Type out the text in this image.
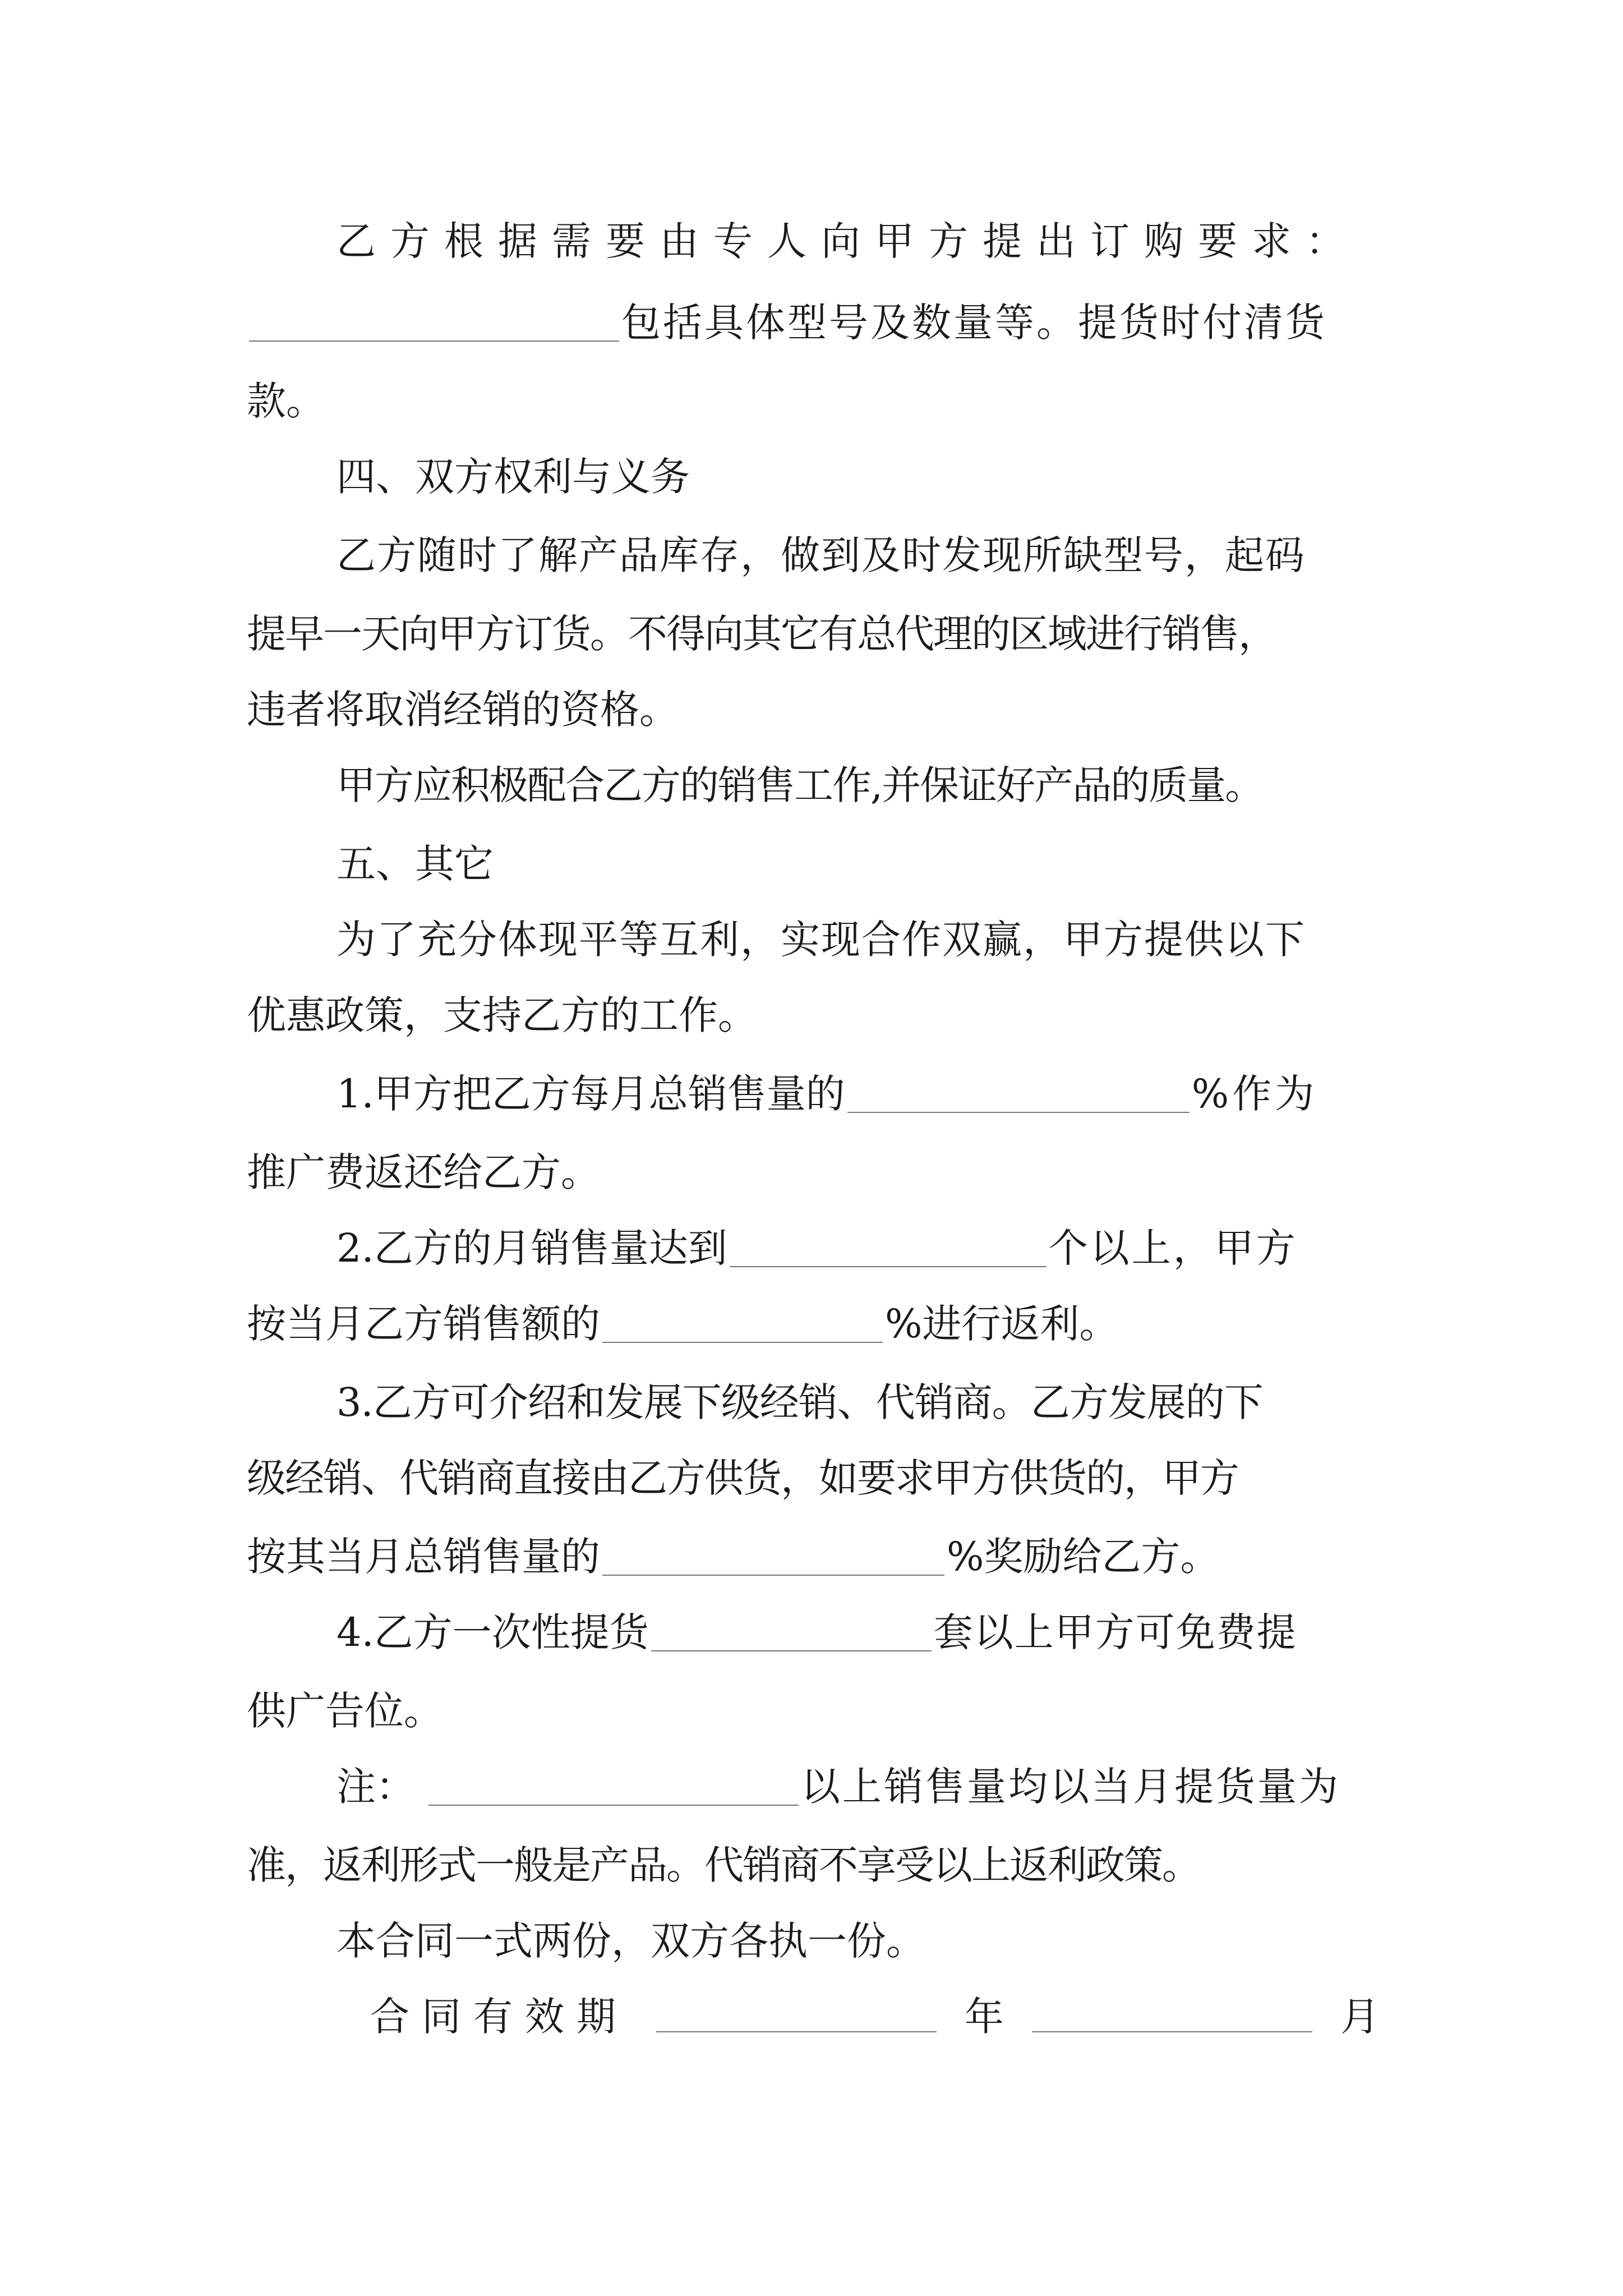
乙方根据需要由专人向甲方提出订购要求：
包括具体型号及数量等。提货时付清货
款。
四、双方权利与义务
乙方随时了解产品库存，做到及时发现所缺型号，起码
提早一天向甲方订货。不得向其它有总代理的区域进行销售，
违者将取消经销的资格。
甲方应积极配合乙方的销售工作,并保证好产品的质量。
五、其它
为了充分体现平等互利，实现合作双赢，甲方提供以下
优惠政策，支持乙方的工作。
1.甲方把乙方每月总销售量的	%作为
推广费返还给乙方。
2.乙方的月销售量达到	个以上，甲方
按当月乙方销售额的	%进行返利。
3.乙方可介绍和发展下级经销、代销商。乙方发展的下
级经销、代销商直接由乙方供货，如要求甲方供货的，甲方
按其当月总销售量的	%奖励给乙方。
4.乙方一次性提货	套以上甲方可免费提
供广告位。
注：	以上销售量均以当月提货量为
准，返利形式一般是产品。代销商不享受以上返利政策。
本合同一式两份，双方各执一份。
合同有效期	年	月
